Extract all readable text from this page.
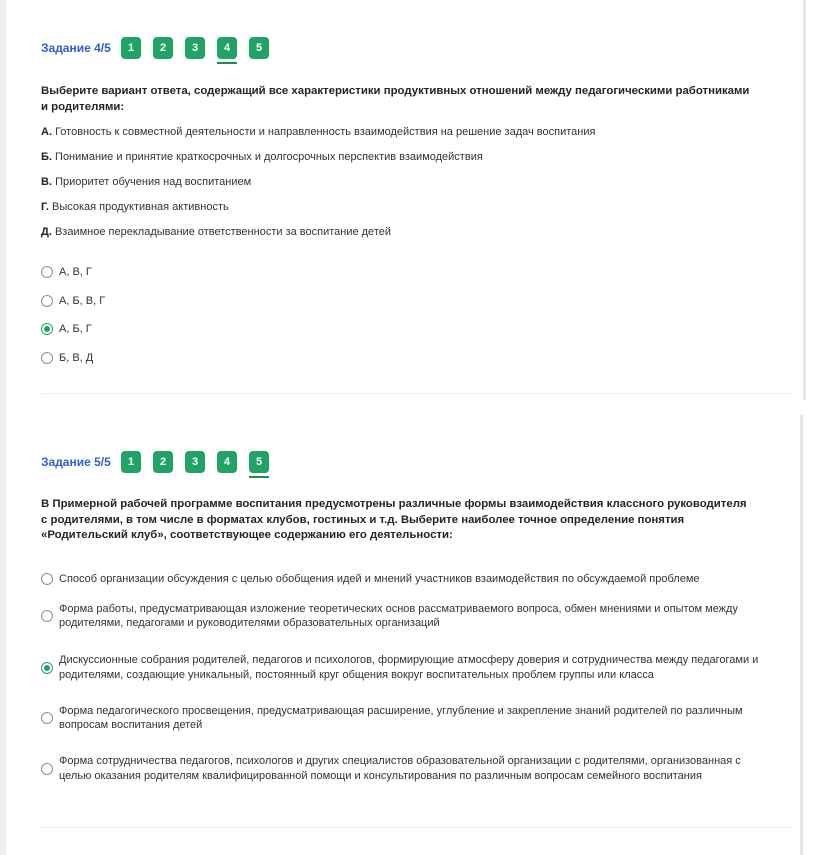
Задание 4/5	1	2	3	4	5
Выберите вариант ответа, содержащий все характеристики продуктивных отношений между педагогическими работниками и родителями:
А. Готовность к совместной деятельности и направленность взаимодействия на решение задач воспитания
Б. Понимание и принятие краткосрочных и долгосрочных перспектив взаимодействия
В. Приоритет обучения над воспитанием
Г. Высокая продуктивная активность
Д. Взаимное перекладывание ответственности за воспитание детей
А, В, Г
А, Б, В, Г
А, Б, Г
Б, В, Д
Задание 5/5	1	2	3	4	5
В Примерной рабочей программе воспитания предусмотрены различные формы взаимодействия классного руководителя с родителями, в том числе в форматах клубов, гостиных и т.д. Выберите наиболее точное определение понятия «Родительский клуб», соответствующее содержанию его деятельности:
Способ организации обсуждения с целью обобщения идей и мнений участников взаимодействия по обсуждаемой проблеме
Форма работы, предусматривающая изложение теоретических основ рассматриваемого вопроса, обмен мнениями и опытом между родителями, педагогами и руководителями образовательных организаций
Дискуссионные собрания родителей, педагогов и психологов, формирующие атмосферу доверия и сотрудничества между педагогами и родителями, создающие уникальный, постоянный круг общения вокруг воспитательных проблем группы или класса
Форма педагогического просвещения, предусматривающая расширение, углубление и закрепление знаний родителей по различным вопросам воспитания детей
Форма сотрудничества педагогов, психологов и других специалистов образовательной организации с родителями, организованная с целью оказания родителям квалифицированной помощи и консультирования по различным вопросам семейного воспитания
